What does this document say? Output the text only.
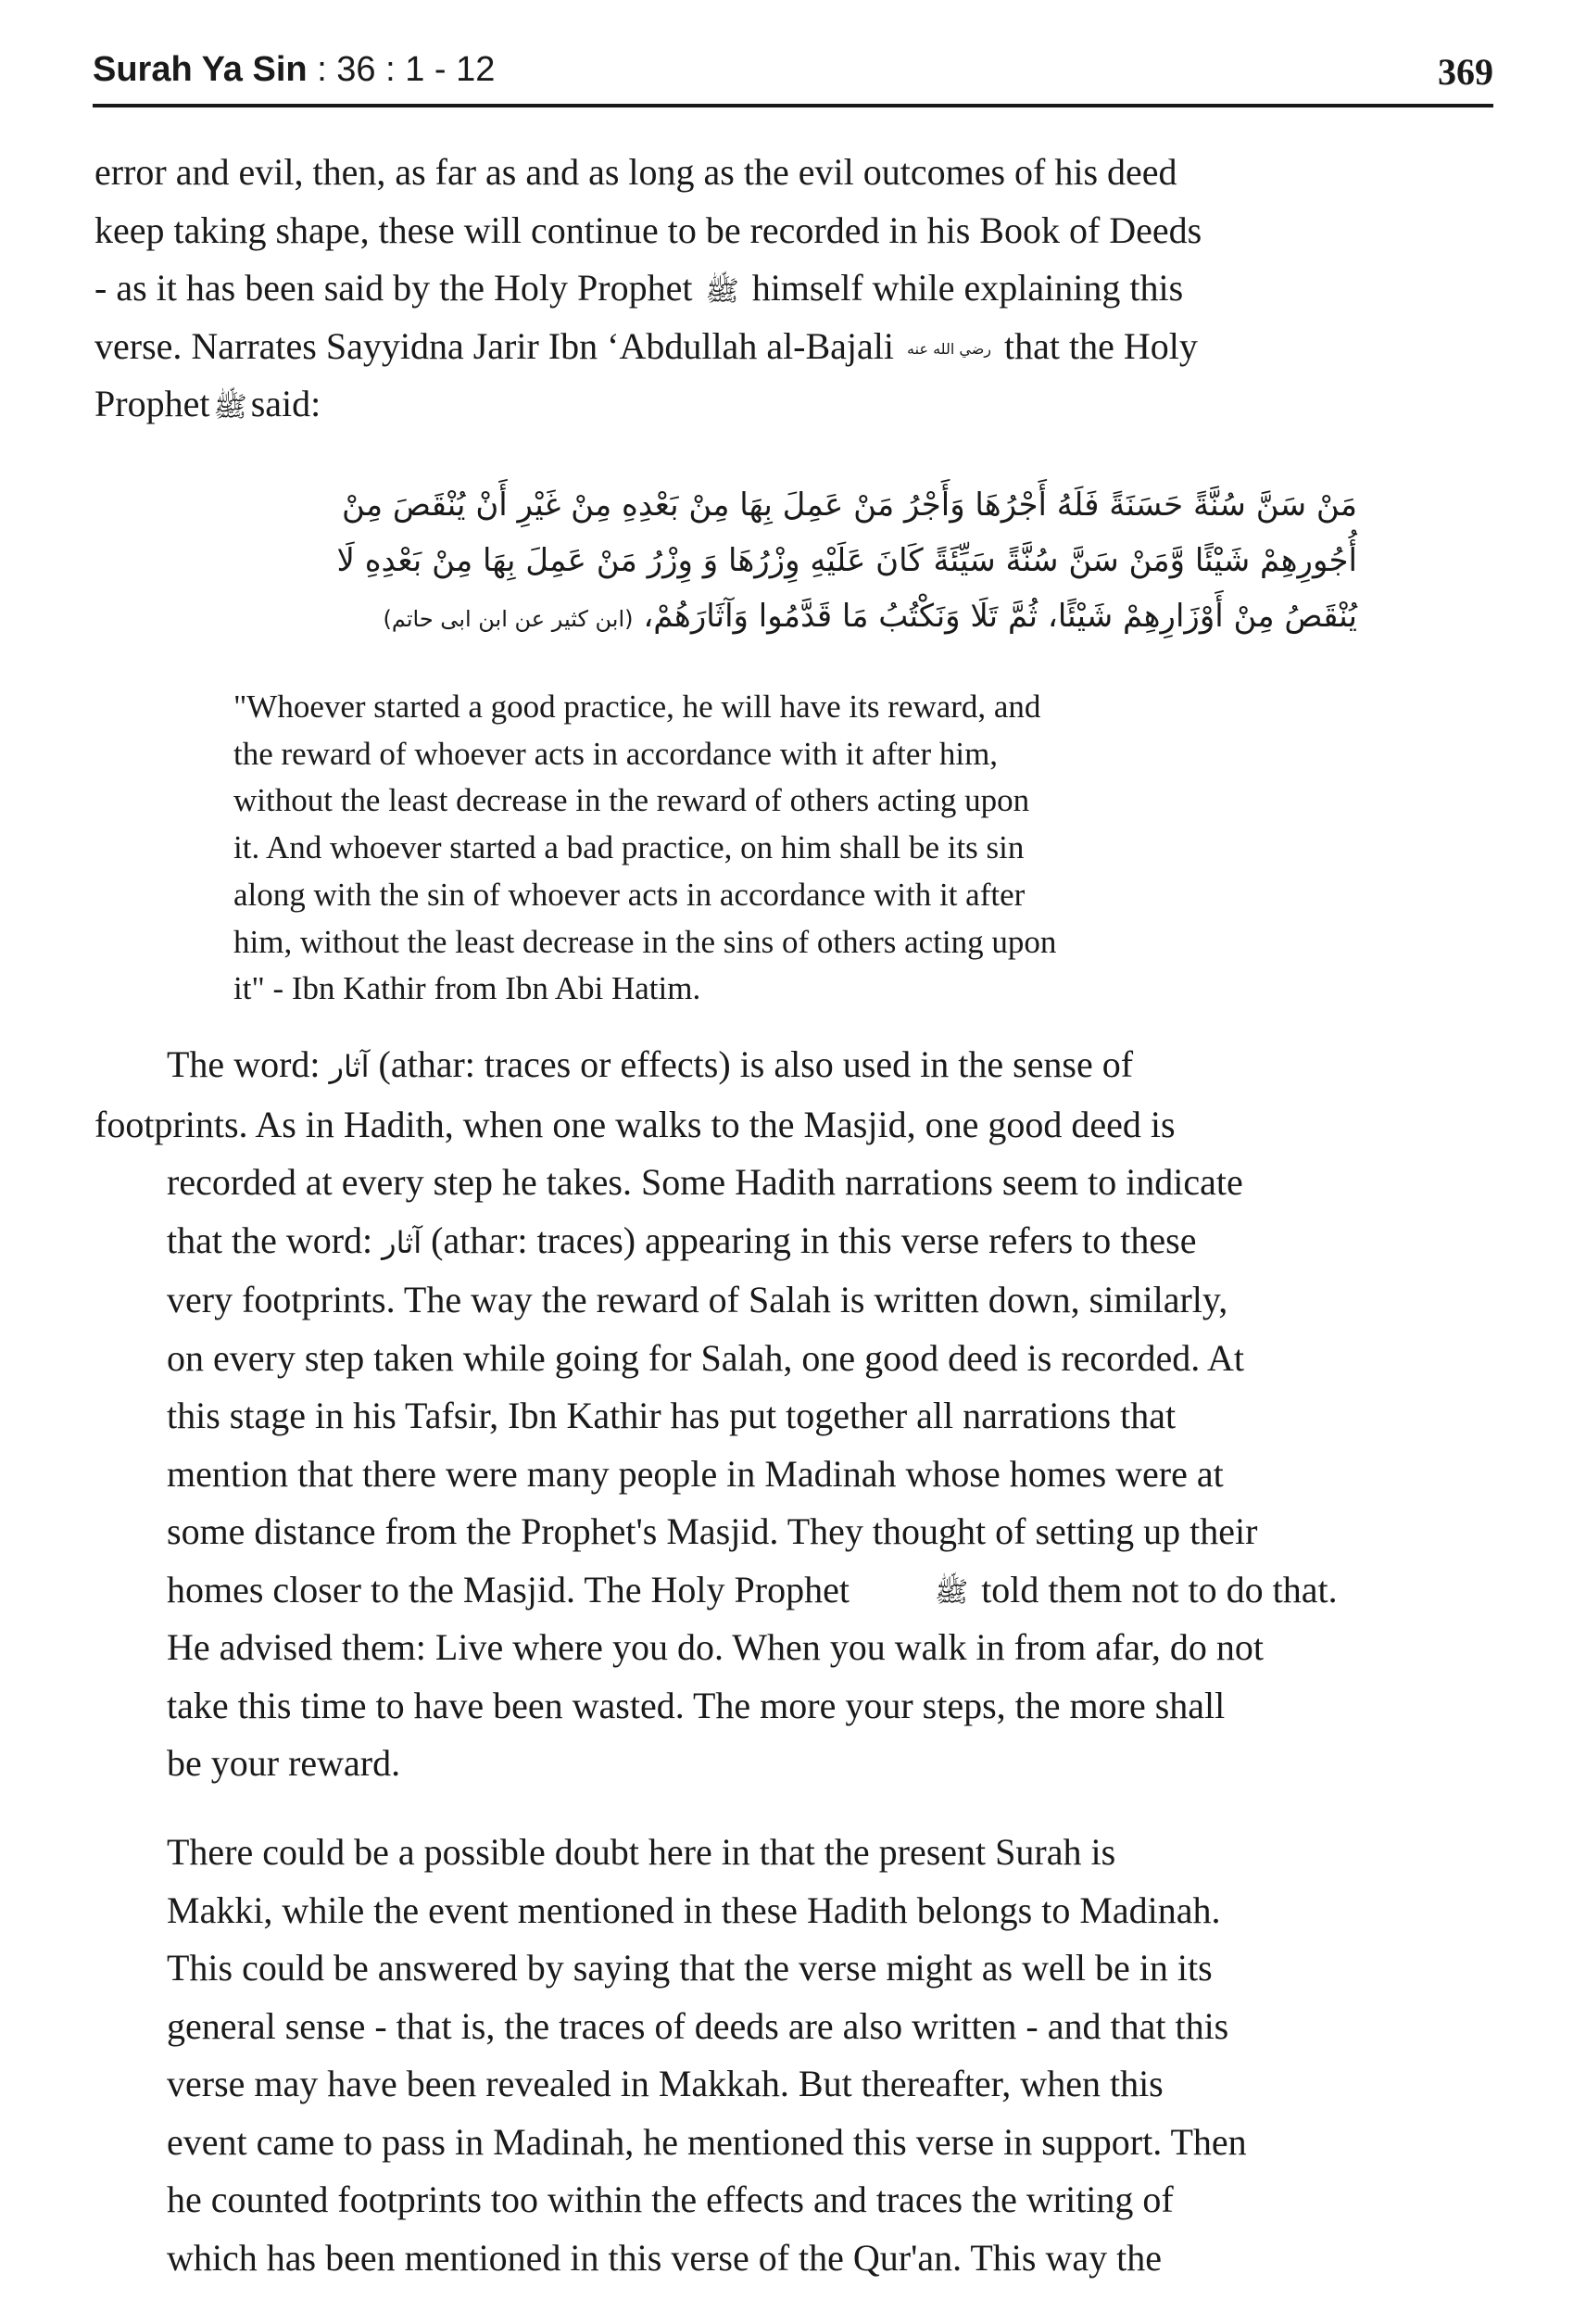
Surah Ya Sin : 36 : 1 - 12	369
error and evil, then, as far as and as long as the evil outcomes of his deed
keep taking shape, these will continue to be recorded in his Book of Deeds
- as it has been said by the Holy Prophet ﷺ himself while explaining this
verse. Narrates Sayyidna Jarir Ibn ‘Abdullah al-Bajali رضي الله عنه that the Holy
Prophet ﷺ said:
مَنْ سَنَّ سُنَّةً حَسَنَةً فَلَهُ أَجْرُهَا وَأَجْرُ مَنْ عَمِلَ بِهَا مِنْ بَعْدِهِ مِنْ غَيْرِ أَنْ يُنْقَصَ مِنْ
أُجُورِهِمْ شَيْئًا وَّمَنْ سَنَّ سُنَّةً سَيِّئَةً كَانَ عَلَيْهِ وِزْرُهَا وَ وِزْرُ مَنْ عَمِلَ بِهَا مِنْ بَعْدِهِ لَا
يُنْقَصُ مِنْ أَوْزَارِهِمْ شَيْئًا، ثُمَّ تَلَا وَنَكْتُبُ مَا قَدَّمُوا وَآثَارَهُمْ، (ابن كثير عن ابن ابى حاتم)
"Whoever started a good practice, he will have its reward, and
the reward of whoever acts in accordance with it after him,
without the least decrease in the reward of others acting upon
it. And whoever started a bad practice, on him shall be its sin
along with the sin of whoever acts in accordance with it after
him, without the least decrease in the sins of others acting upon
it" - Ibn Kathir from Ibn Abi Hatim.
The word: آثار (athar: traces or effects) is also used in the sense of
footprints. As in Hadith, when one walks to the Masjid, one good deed is
recorded at every step he takes. Some Hadith narrations seem to indicate
that the word: آثار (athar: traces) appearing in this verse refers to these
very footprints. The way the reward of Salah is written down, similarly,
on every step taken while going for Salah, one good deed is recorded. At
this stage in his Tafsir, Ibn Kathir has put together all narrations that
mention that there were many people in Madinah whose homes were at
some distance from the Prophet's Masjid. They thought of setting up their
homes closer to the Masjid. The Holy Prophet	ﷺ told them not to do that.
He advised them: Live where you do. When you walk in from afar, do not
take this time to have been wasted. The more your steps, the more shall
be your reward.
There could be a possible doubt here in that the present Surah is
Makki, while the event mentioned in these Hadith belongs to Madinah.
This could be answered by saying that the verse might as well be in its
general sense - that is, the traces of deeds are also written - and that this
verse may have been revealed in Makkah. But thereafter, when this
event came to pass in Madinah, he mentioned this verse in support. Then
he counted footprints too within the effects and traces the writing of
which has been mentioned in this verse of the Qur'an. This way the
